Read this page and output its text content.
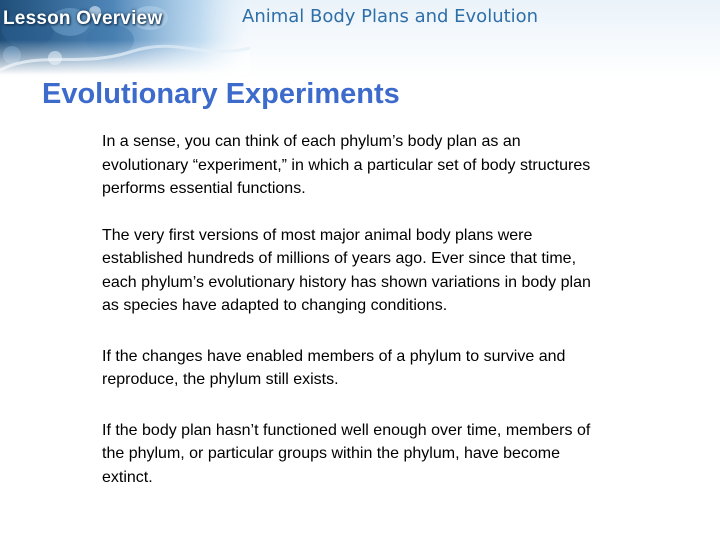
Lesson Overview	Animal Body Plans and Evolution
Evolutionary Experiments

In a sense, you can think of each phylum’s body plan as an
evolutionary “experiment,” in which a particular set of body structures
performs essential functions.

The very first versions of most major animal body plans were
established hundreds of millions of years ago. Ever since that time,
each phylum’s evolutionary history has shown variations in body plan
as species have adapted to changing conditions.

If the changes have enabled members of a phylum to survive and
reproduce, the phylum still exists.

If the body plan hasn’t functioned well enough over time, members of
the phylum, or particular groups within the phylum, have become
extinct.
